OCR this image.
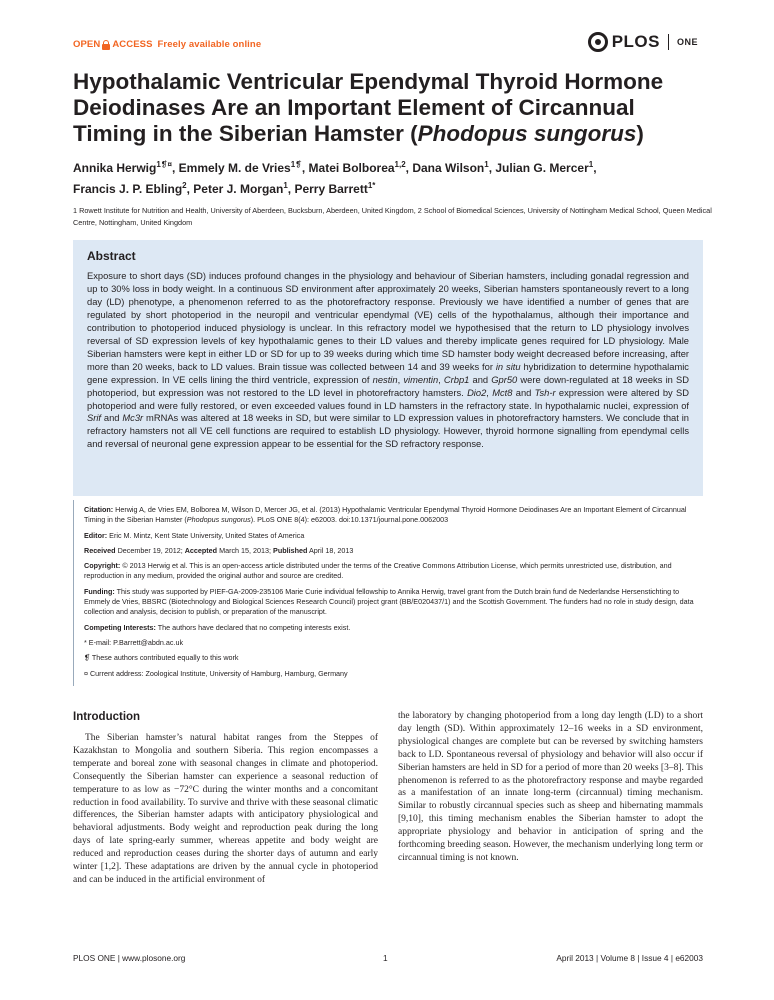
OPEN ACCESS Freely available online	PLOS ONE
Hypothalamic Ventricular Ependymal Thyroid Hormone Deiodinases Are an Important Element of Circannual Timing in the Siberian Hamster (Phodopus sungorus)
Annika Herwig$^{1❡¤}$, Emmely M. de Vries$^{1❡}$, Matei Bolborea$^{1,2}$, Dana Wilson$^1$, Julian G. Mercer$^1$,
Francis J. P. Ebling$^2$, Peter J. Morgan$^1$, Perry Barrett$^{1*}$
1 Rowett Institute for Nutrition and Health, University of Aberdeen, Bucksburn, Aberdeen, United Kingdom, 2 School of Biomedical Sciences, University of Nottingham Medical School, Queen Medical Centre, Nottingham, United Kingdom
Abstract

Exposure to short days (SD) induces profound changes in the physiology and behaviour of Siberian hamsters, including gonadal regression and up to 30% loss in body weight. In a continuous SD environment after approximately 20 weeks, Siberian hamsters spontaneously revert to a long day (LD) phenotype, a phenomenon referred to as the photorefractory response. Previously we have identified a number of genes that are regulated by short photoperiod in the neuropil and ventricular ependymal (VE) cells of the hypothalamus, although their importance and contribution to photoperiod induced physiology is unclear. In this refractory model we hypothesised that the return to LD physiology involves reversal of SD expression levels of key hypothalamic genes to their LD values and thereby implicate genes required for LD physiology. Male Siberian hamsters were kept in either LD or SD for up to 39 weeks during which time SD hamster body weight decreased before increasing, after more than 20 weeks, back to LD values. Brain tissue was collected between 14 and 39 weeks for in situ hybridization to determine hypothalamic gene expression. In VE cells lining the third ventricle, expression of nestin, vimentin, Crbp1 and Gpr50 were down-regulated at 18 weeks in SD photoperiod, but expression was not restored to the LD level in photorefractory hamsters. Dio2, Mct8 and Tsh-r expression were altered by SD photoperiod and were fully restored, or even exceeded values found in LD hamsters in the refractory state. In hypothalamic nuclei, expression of Srif and Mc3r mRNAs was altered at 18 weeks in SD, but were similar to LD expression values in photorefractory hamsters. We conclude that in refractory hamsters not all VE cell functions are required to establish LD physiology. However, thyroid hormone signalling from ependymal cells and reversal of neuronal gene expression appear to be essential for the SD refractory response.

Citation: Herwig A, de Vries EM, Bolborea M, Wilson D, Mercer JG, et al. (2013) Hypothalamic Ventricular Ependymal Thyroid Hormone Deiodinases Are an Important Element of Circannual Timing in the Siberian Hamster (Phodopus sungorus). PLoS ONE 8(4): e62003. doi:10.1371/journal.pone.0062003
Editor: Eric M. Mintz, Kent State University, United States of America
Received December 19, 2012; Accepted March 15, 2013; Published April 18, 2013
Copyright: © 2013 Herwig et al. This is an open-access article distributed under the terms of the Creative Commons Attribution License, which permits unrestricted use, distribution, and reproduction in any medium, provided the original author and source are credited.
Funding: This study was supported by PIEF-GA-2009-235106 Marie Curie individual fellowship to Annika Herwig, travel grant from the Dutch brain fund de Nederlandse Hersenstichting to Emmely de Vries, BBSRC (Biotechnology and Biological Sciences Research Council) project grant (BB/E020437/1) and the Scottish Government. The funders had no role in study design, data collection and analysis, decision to publish, or preparation of the manuscript.
Competing Interests: The authors have declared that no competing interests exist.
* E-mail: P.Barrett@abdn.ac.uk
❡ These authors contributed equally to this work
¤ Current address: Zoological Institute, University of Hamburg, Hamburg, Germany
Introduction

The Siberian hamster’s natural habitat ranges from the Steppes of Kazakhstan to Mongolia and southern Siberia. This region encompasses a temperate and boreal zone with seasonal changes in climate and photoperiod. Consequently the Siberian hamster can experience a seasonal reduction of temperature to as low as −72°C during the winter months and a concomitant reduction in food availability. To survive and thrive with these seasonal climatic differences, the Siberian hamster adapts with anticipatory physiological and behavioral adjustments. Body weight and reproduction peak during the long days of late spring-early summer, whereas appetite and body weight are reduced and reproduction ceases during the shorter days of autumn and early winter [1,2]. These adaptations are driven by the annual cycle in photoperiod and can be induced in the artificial environment of

the laboratory by changing photoperiod from a long day length (LD) to a short day length (SD). Within approximately 12–16 weeks in a SD environment, physiological changes are complete but can be reversed by switching hamsters back to LD. Spontaneous reversal of physiology and behavior will also occur if Siberian hamsters are held in SD for a period of more than 20 weeks [3–8]. This phenomenon is referred to as the photorefractory response and maybe regarded as a manifestation of an innate long-term (circannual) timing mechanism. Similar to robustly circannual species such as sheep and hibernating mammals [9,10], this timing mechanism enables the Siberian hamster to adopt the appropriate physiology and behavior in anticipation of spring and the forthcoming breeding season. However, the mechanism underlying long term or circannual timing is not known.

PLOS ONE | www.plosone.org	1	April 2013 | Volume 8 | Issue 4 | e62003
